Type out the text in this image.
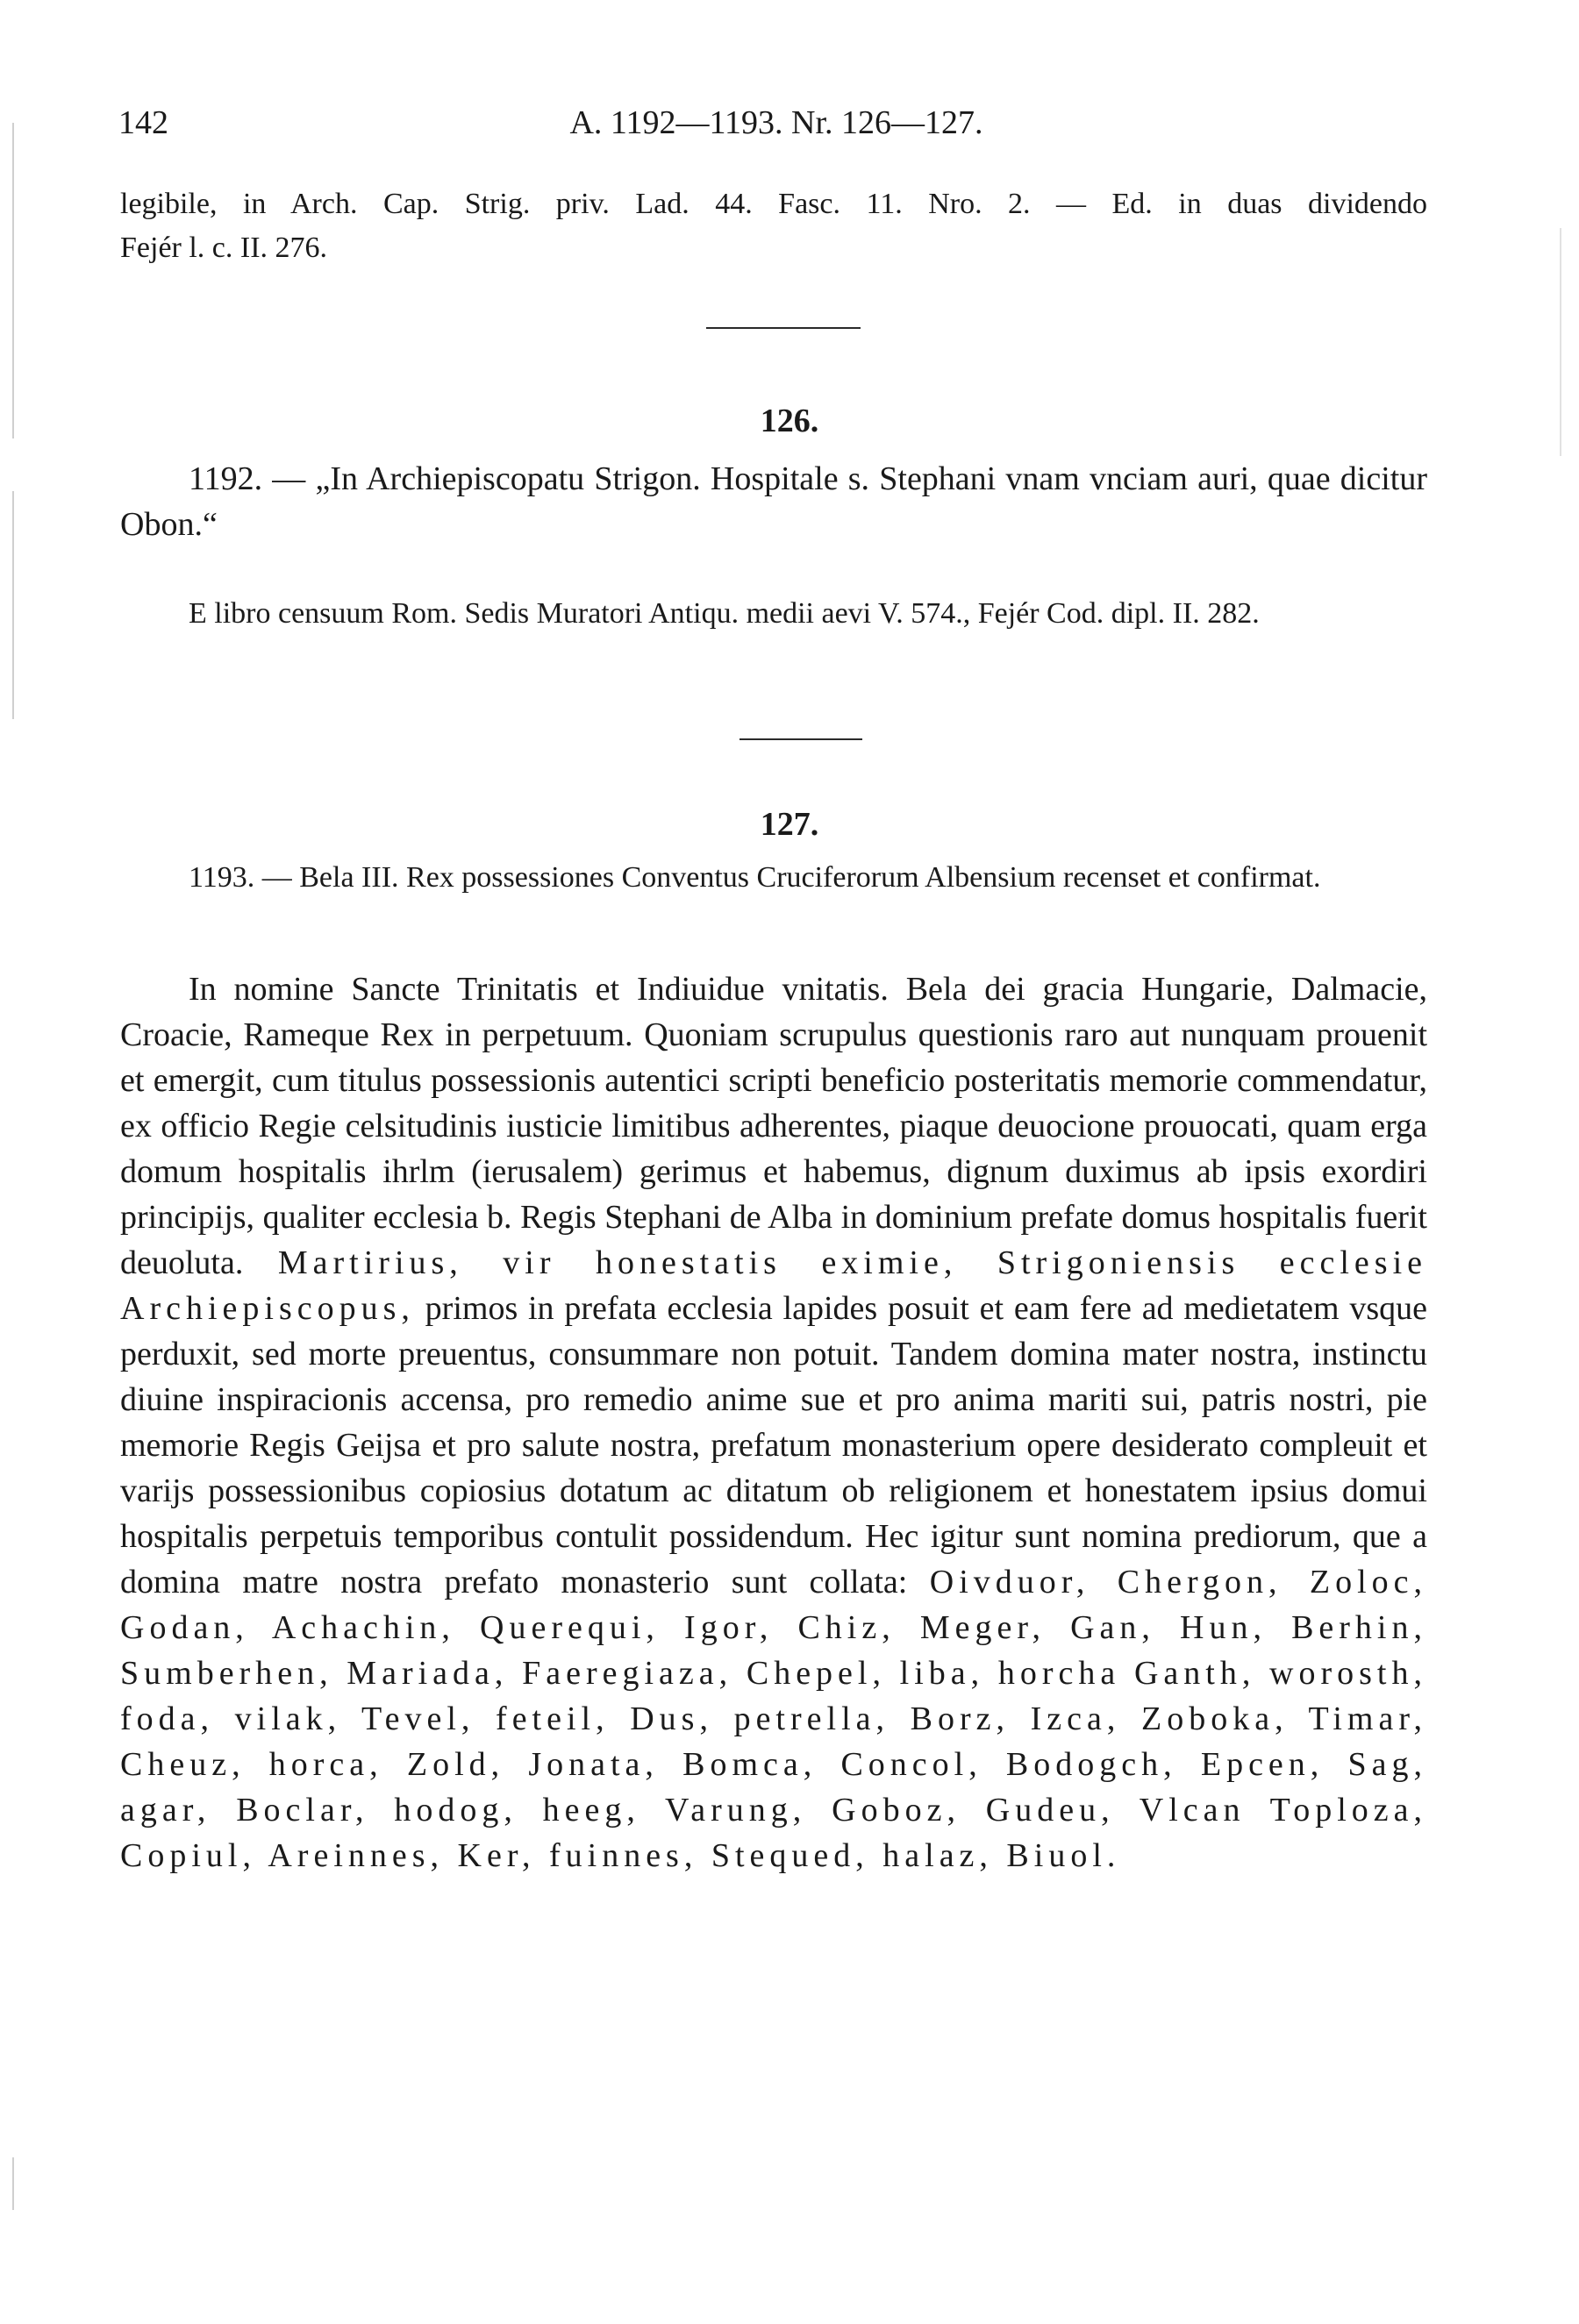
142	A. 1192—1193. Nr. 126—127.

legibile, in Arch. Cap. Strig. priv. Lad. 44. Fasc. 11. Nro. 2. — Ed. in duas dividendo

Fejér l. c. II. 276.

126.

1192. — „In Archiepiscopatu Strigon. Hospitale s. Stephani vnam vnciam auri, quae dicitur Obon.“

E libro censuum Rom. Sedis Muratori Antiqu. medii aevi V. 574., Fejér Cod. dipl. II. 282.

127.

1193. — Bela III. Rex possessiones Conventus Cruciferorum Albensium recenset et confirmat.

In nomine Sancte Trinitatis et Indiuidue vnitatis. Bela dei gracia Hungarie, Dalmacie, Croacie, Rameque Rex in perpetuum. Quoniam scrupulus questionis raro aut nunquam prouenit et emergit, cum titulus possessionis autentici scripti beneficio posteritatis memorie commendatur, ex officio Regie celsitudinis iusticie limitibus adherentes, piaque deuocione prouocati, quam erga domum hospitalis ihrlm (ierusalem) gerimus et habemus, dignum duximus ab ipsis exordiri principijs, qualiter ecclesia b. Regis Stephani de Alba in dominium prefate domus hospitalis fuerit deuoluta. Martirius, vir honestatis eximie, Strigoniensis ecclesie Archiepiscopus, primos in prefata ecclesia lapides posuit et eam fere ad medietatem vsque perduxit, sed morte preuentus, consummare non potuit. Tandem domina mater nostra, instinctu diuine inspiracionis accensa, pro remedio anime sue et pro anima mariti sui, patris nostri, pie memorie Regis Geijsa et pro salute nostra, prefatum monasterium opere desiderato compleuit et varijs possessionibus copiosius dotatum ac ditatum ob religionem et honestatem ipsius domui hospitalis perpetuis temporibus contulit possidendum. Hec igitur sunt nomina prediorum, que a domina matre nostra prefato monasterio sunt collata: Oivduor, Chergon, Zoloc, Godan, Achachin, Querequi, Igor, Chiz, Meger, Gan, Hun, Berhin, Sumberhen, Mariada, Faeregiaza, Chepel, liba, horcha Ganth, worosth, foda, vilak, Tevel, feteil, Dus, petrella, Borz, Izca, Zoboka, Timar, Cheuz, horca, Zold, Jonata, Bomca, Concol, Bodogch, Epcen, Sag, agar, Boclar, hodog, heeg, Varung, Goboz, Gudeu, Vlcan Toploza, Copiul, Areinnes, Ker, fuinnes, Stequed, halaz, Biuol.
